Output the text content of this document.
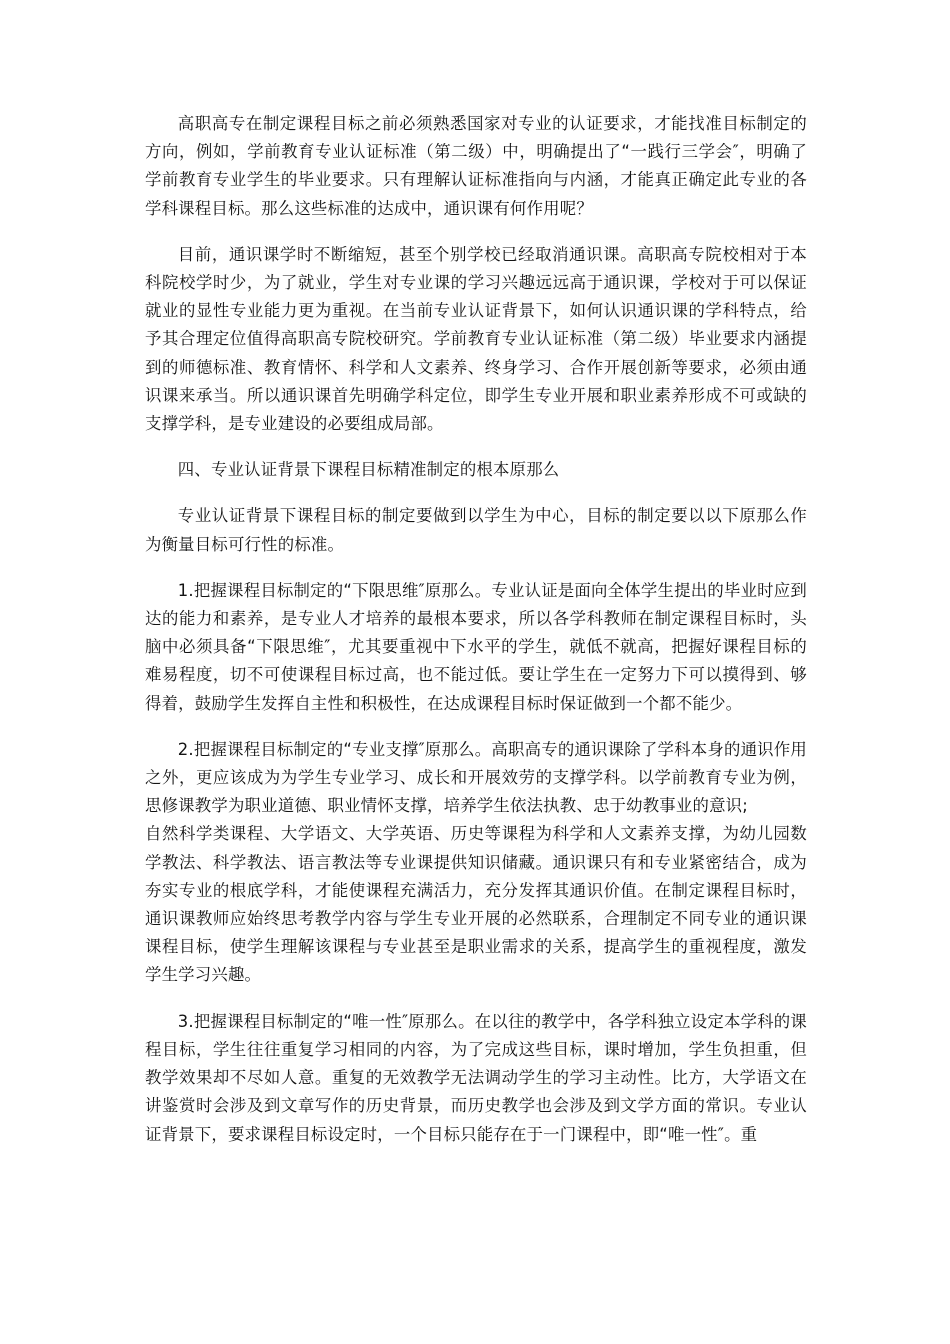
高职高专在制定课程目标之前必须熟悉国家对专业的认证要求，才能找准目标制定的方向，例如，学前教育专业认证标准（第二级）中，明确提出了“一践行三学会″，明确了学前教育专业学生的毕业要求。只有理解认证标准指向与内涵，才能真正确定此专业的各学科课程目标。那么这些标准的达成中，通识课有何作用呢？

目前，通识课学时不断缩短，甚至个别学校已经取消通识课。高职高专院校相对于本科院校学时少，为了就业，学生对专业课的学习兴趣远远高于通识课，学校对于可以保证就业的显性专业能力更为重视。在当前专业认证背景下，如何认识通识课的学科特点，给予其合理定位值得高职高专院校研究。学前教育专业认证标准（第二级）毕业要求内涵提到的师德标准、教育情怀、科学和人文素养、终身学习、合作开展创新等要求，必须由通识课来承当。所以通识课首先明确学科定位，即学生专业开展和职业素养形成不可或缺的支撑学科，是专业建设的必要组成局部。

四、专业认证背景下课程目标精准制定的根本原那么

专业认证背景下课程目标的制定要做到以学生为中心，目标的制定要以以下原那么作为衡量目标可行性的标准。

1.把握课程目标制定的“下限思维″原那么。专业认证是面向全体学生提出的毕业时应到达的能力和素养，是专业人才培养的最根本要求，所以各学科教师在制定课程目标时，头脑中必须具备“下限思维″，尤其要重视中下水平的学生，就低不就高，把握好课程目标的难易程度，切不可使课程目标过高，也不能过低。要让学生在一定努力下可以摸得到、够得着，鼓励学生发挥自主性和积极性，在达成课程目标时保证做到一个都不能少。

2.把握课程目标制定的“专业支撑″原那么。高职高专的通识课除了学科本身的通识作用之外，更应该成为为学生专业学习、成长和开展效劳的支撑学科。以学前教育专业为例，思修课教学为职业道德、职业情怀支撑，培养学生依法执教、忠于幼教事业的意识;
自然科学类课程、大学语文、大学英语、历史等课程为科学和人文素养支撑，为幼儿园数学教法、科学教法、语言教法等专业课提供知识储藏。通识课只有和专业紧密结合，成为夯实专业的根底学科，才能使课程充满活力，充分发挥其通识价值。在制定课程目标时，通识课教师应始终思考教学内容与学生专业开展的必然联系，合理制定不同专业的通识课课程目标，使学生理解该课程与专业甚至是职业需求的关系，提高学生的重视程度，激发学生学习兴趣。

3.把握课程目标制定的“唯一性″原那么。在以往的教学中，各学科独立设定本学科的课程目标，学生往往重复学习相同的内容，为了完成这些目标，课时增加，学生负担重，但教学效果却不尽如人意。重复的无效教学无法调动学生的学习主动性。比方，大学语文在讲鉴赏时会涉及到文章写作的历史背景，而历史教学也会涉及到文学方面的常识。专业认证背景下，要求课程目标设定时，一个目标只能存在于一门课程中，即“唯一性″。重
